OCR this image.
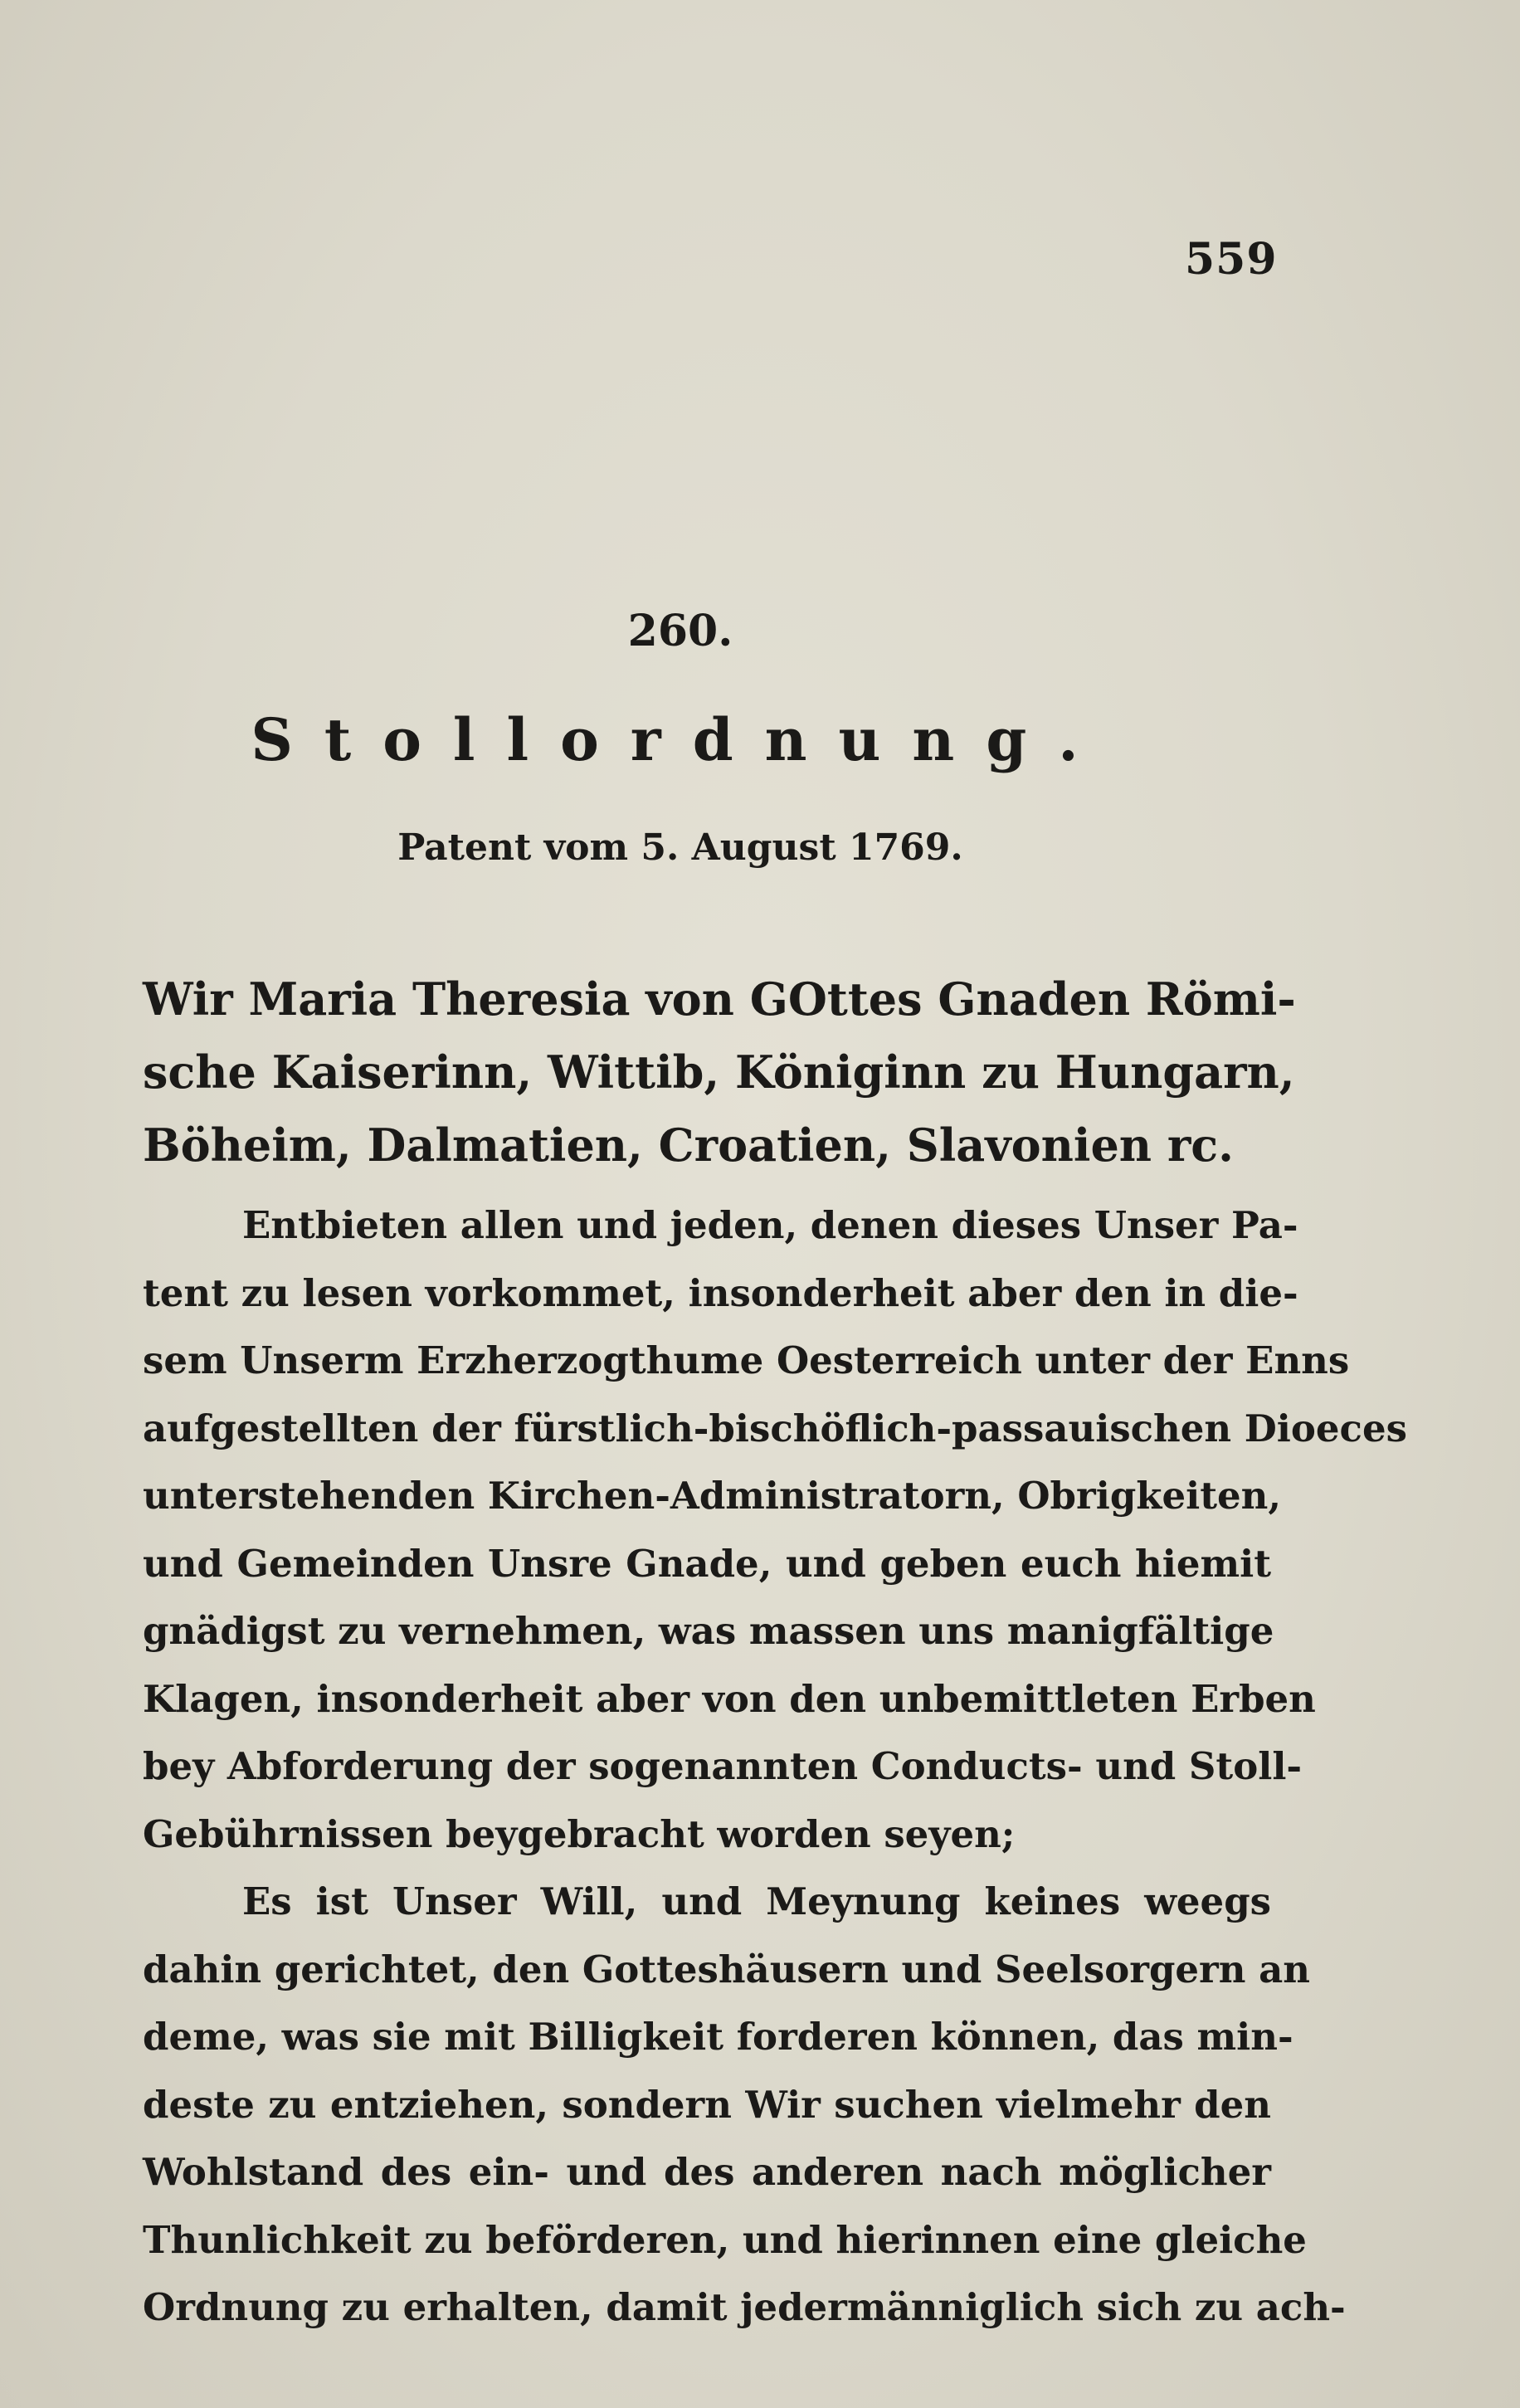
559
260.
Stollordnung.
Patent vom 5. August 1769.
Wir Maria Theresia von GOttes Gnaden Römi-
sche Kaiserinn, Wittib, Königinn zu Hungarn,
Böheim, Dalmatien, Croatien, Slavonien rc.
Entbieten allen und jeden, denen dieses Unser Pa-
tent zu lesen vorkommet, insonderheit aber den in die-
sem Unserm Erzherzogthume Oesterreich unter der Enns
aufgestellten der fürstlich-bischöflich-passauischen Dioeces
unterstehenden Kirchen-Administratorn, Obrigkeiten,
und Gemeinden Unsre Gnade, und geben euch hiemit
gnädigst zu vernehmen, was massen uns manigfältige
Klagen, insonderheit aber von den unbemittleten Erben
bey Abforderung der sogenannten Conducts- und Stoll-
Gebührnissen beygebracht worden seyen;
Es ist Unser Will, und Meynung keines weegs
dahin gerichtet, den Gotteshäusern und Seelsorgern an
deme, was sie mit Billigkeit forderen können, das min-
deste zu entziehen, sondern Wir suchen vielmehr den
Wohlstand des ein- und des anderen nach möglicher
Thunlichkeit zu beförderen, und hierinnen eine gleiche
Ordnung zu erhalten, damit jedermänniglich sich zu ach-
